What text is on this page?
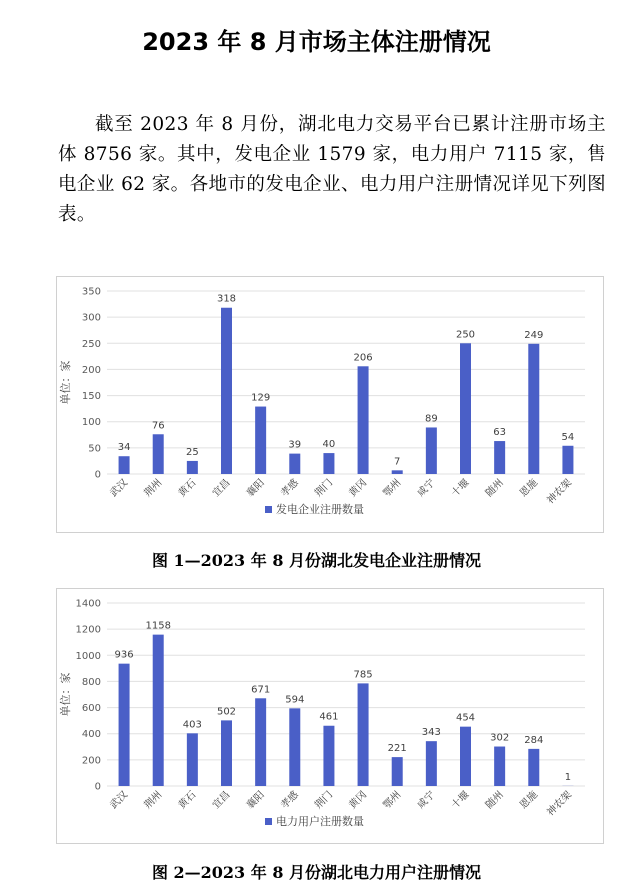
2023 年 8 月市场主体注册情况
截至 2023 年 8 月份，湖北电力交易平台已累计注册市场主体 8756 家。其中，发电企业 1579 家，电力用户 7115 家，售电企业 62 家。各地市的发电企业、电力用户注册情况详见下列图表。
0
50
100
150
200
250
300
350
单位：家
34
武汉
76
荆州
25
黄石
318
宜昌
129
襄阳
39
孝感
40
荆门
206
黄冈
7
鄂州
89
咸宁
250
十堰
63
随州
249
恩施
54
神农架
发电企业注册数量
图 1—2023 年 8 月份湖北发电企业注册情况
0
200
400
600
800
1000
1200
1400
单位：家
936
武汉
1158
荆州
403
黄石
502
宜昌
671
襄阳
594
孝感
461
荆门
785
黄冈
221
鄂州
343
咸宁
454
十堰
302
随州
284
恩施
1
神农架
电力用户注册数量
图 2—2023 年 8 月份湖北电力用户注册情况
